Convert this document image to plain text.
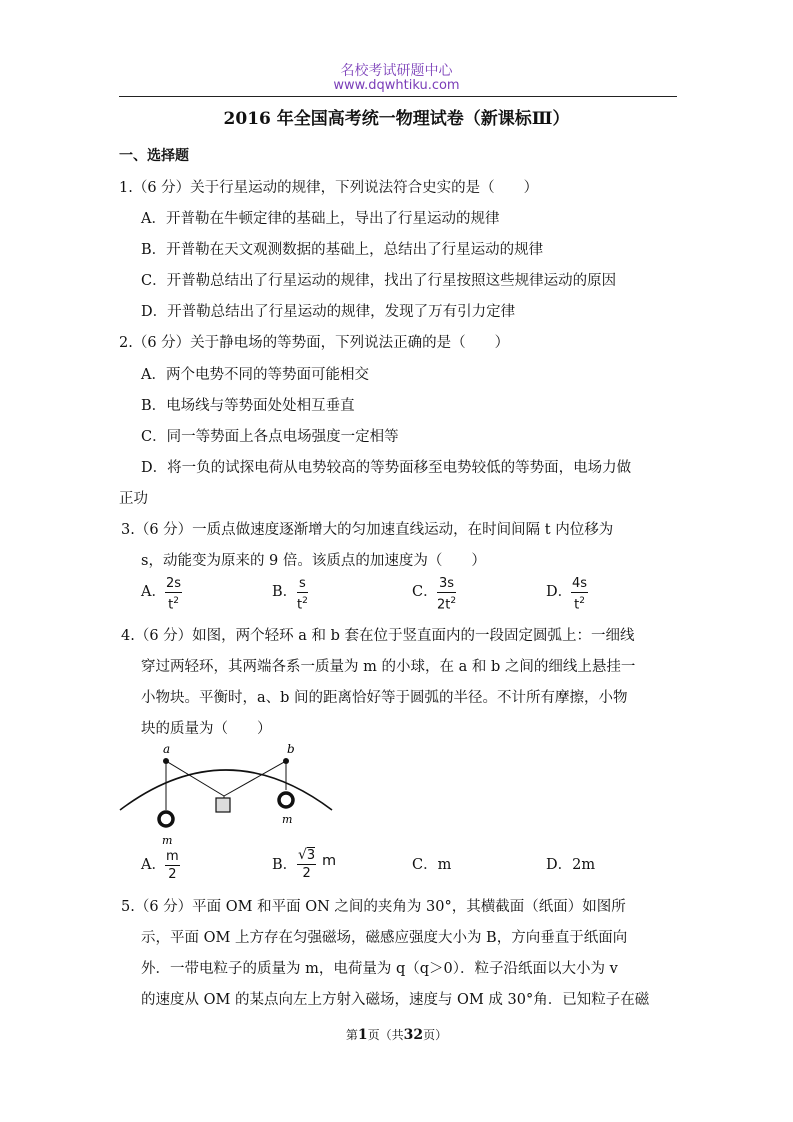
名校考试研题中心
www.dqwhtiku.com
2016 年全国高考统一物理试卷（新课标Ⅲ）
一、选择题
1.（6 分）关于行星运动的规律，下列说法符合史实的是（　　）
A．开普勒在牛顿定律的基础上，导出了行星运动的规律
B．开普勒在天文观测数据的基础上，总结出了行星运动的规律
C．开普勒总结出了行星运动的规律，找出了行星按照这些规律运动的原因
D．开普勒总结出了行星运动的规律，发现了万有引力定律
2.（6 分）关于静电场的等势面，下列说法正确的是（　　）
A．两个电势不同的等势面可能相交
B．电场线与等势面处处相互垂直
C．同一等势面上各点电场强度一定相等
D．将一负的试探电荷从电势较高的等势面移至电势较低的等势面，电场力做
正功
3.（6 分）一质点做速度逐渐增大的匀加速直线运动，在时间间隔 t 内位移为
s，动能变为原来的 9 倍。该质点的加速度为（　　）
A． $\frac{2s}{t^2}$	B． $\frac{s}{t^2}$	C． $\frac{3s}{2t^2}$	D．
$\frac{4s}{t^2}$
4.（6 分）如图，两个轻环 a 和 b 套在位于竖直面内的一段固定圆弧上：一细线
穿过两轻环，其两端各系一质量为 m 的小球，在 a 和 b 之间的细线上悬挂一
小物块。平衡时，a、b 间的距离恰好等于圆弧的半径。不计所有摩擦，小物
块的质量为（　　）
a	b
m
m
A． $\frac{m}{2}$	B． $\frac{√3}{2}$ m	C．m	D．2m
5.（6 分）平面 OM 和平面 ON 之间的夹角为 30°，其横截面（纸面）如图所
示，平面 OM 上方存在匀强磁场，磁感应强度大小为 B，方向垂直于纸面向
外．一带电粒子的质量为 m，电荷量为 q（q＞0）．粒子沿纸面以大小为 v
的速度从 OM 的某点向左上方射入磁场，速度与 OM 成 30°角．已知粒子在磁
第1页（共32页）
